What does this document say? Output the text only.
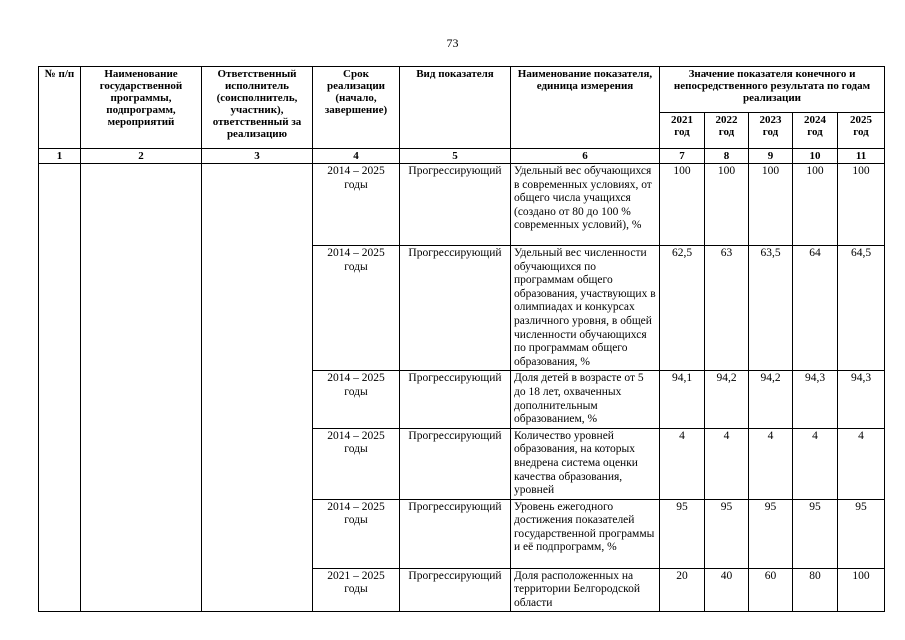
73
№ п/п	Наименование государственной программы, подпрограмм, мероприятий	Ответственный исполнитель (соисполнитель, участник), ответственный за реализацию	Срок реализации (начало, завершение)	Вид показателя	Наименование показателя, единица измерения	Значение показателя конечного и непосредственного результата по годам реализации				
						2021 год	2022 год	2023 год	2024 год	2025 год
1	2	3	4	5	6	7	8	9	10	11
			2014 – 2025 годы	Прогрессирующий	Удельный вес обучающихся в современных условиях, от общего числа учащихся (создано от 80 до 100 % современных условий), %	100	100	100	100	100
			2014 – 2025 годы	Прогрессирующий	Удельный вес численности обучающихся по программам общего образования, участвующих в олимпиадах и конкурсах различного уровня, в общей численности обучающихся по программам общего образования, %	62,5	63	63,5	64	64,5
			2014 – 2025 годы	Прогрессирующий	Доля детей в возрасте от 5 до 18 лет, охваченных дополнительным образованием, %	94,1	94,2	94,2	94,3	94,3
			2014 – 2025 годы	Прогрессирующий	Количество уровней образования, на которых внедрена система оценки качества образования, уровней	4	4	4	4	4
			2014 – 2025 годы	Прогрессирующий	Уровень ежегодного достижения показателей государственной программы и её подпрограмм, %	95	95	95	95	95
			2021 – 2025 годы	Прогрессирующий	Доля расположенных на территории Белгородской области	20	40	60	80	100
